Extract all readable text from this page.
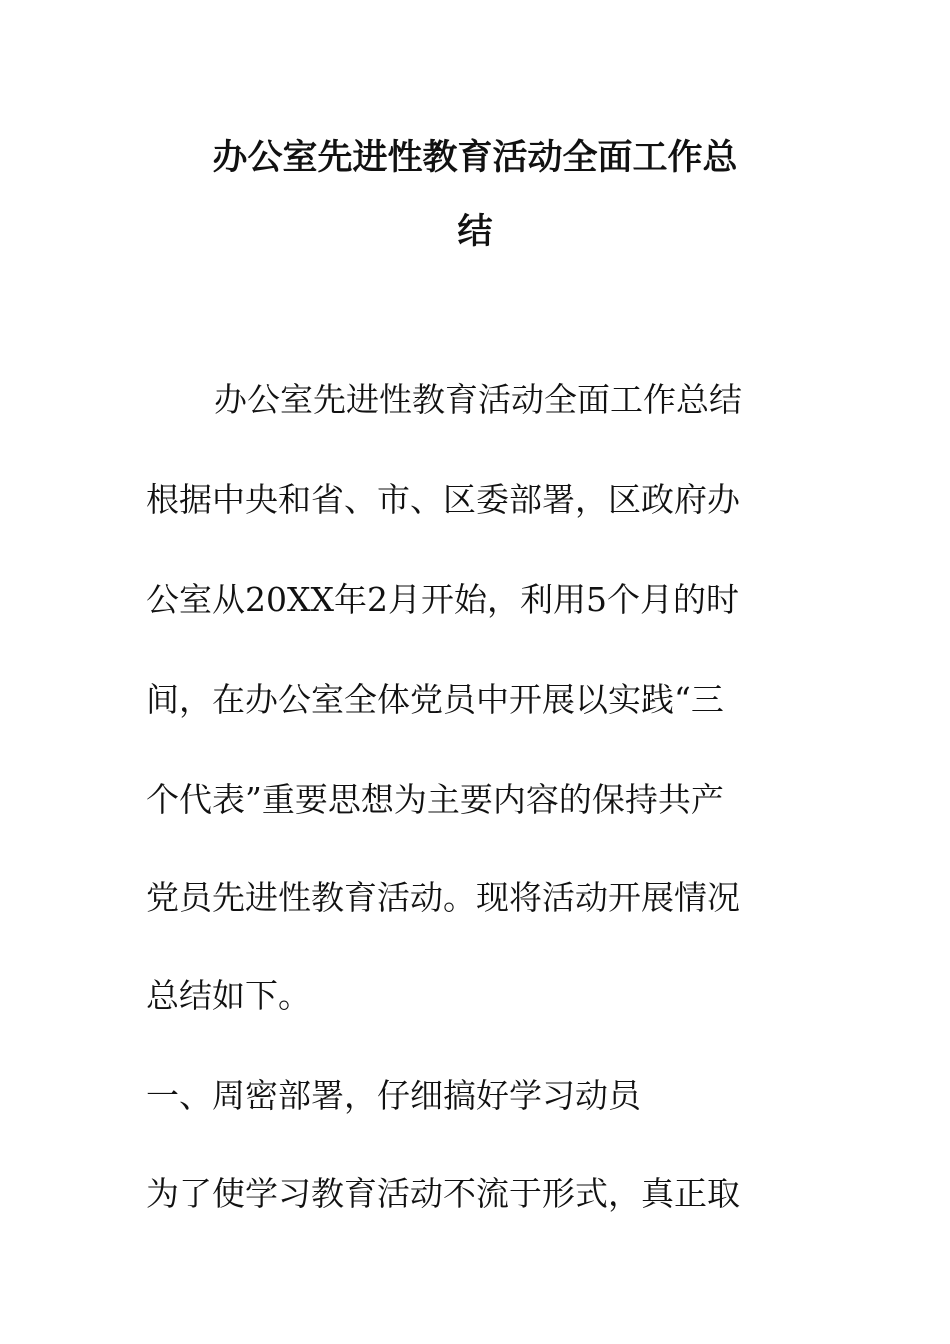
办公室先进性教育活动全面工作总
结

办公室先进性教育活动全面工作总结

根据中央和省、市、区委部署，区政府办

公室从20XX年2月开始，利用5个月的时

间，在办公室全体党员中开展以实践“三

个代表”重要思想为主要内容的保持共产

党员先进性教育活动。现将活动开展情况

总结如下。

一、周密部署，仔细搞好学习动员

为了使学习教育活动不流于形式，真正取
